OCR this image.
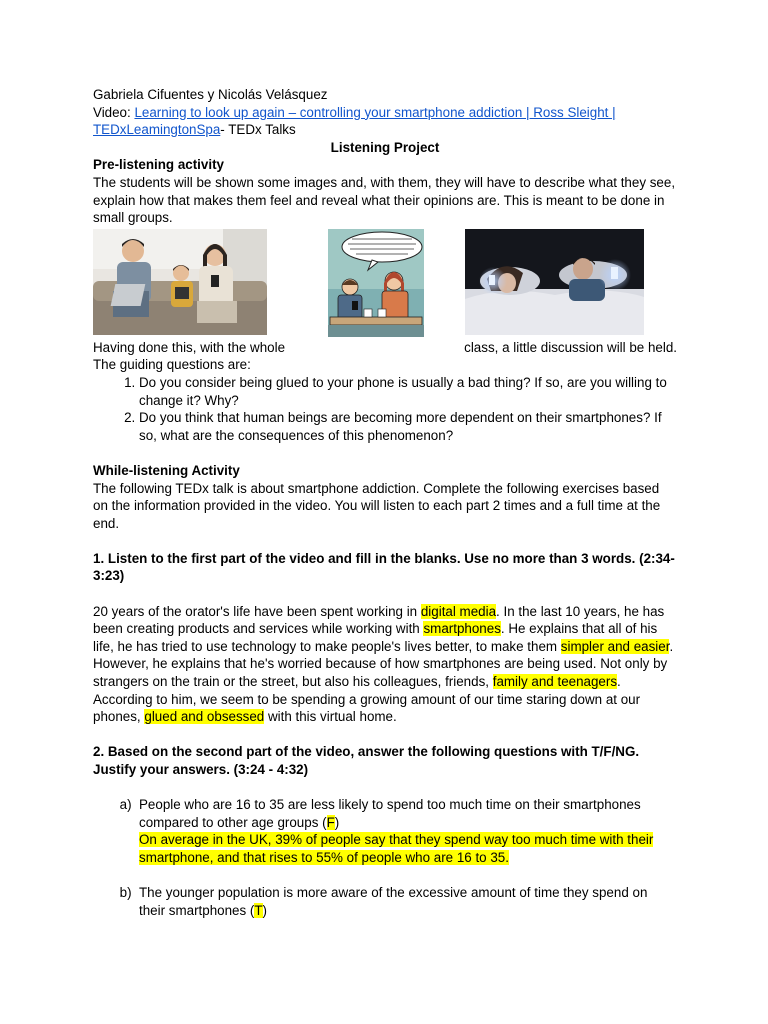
Gabriela Cifuentes y Nicolás Velásquez

Video: Learning to look up again – controlling your smartphone addiction | Ross Sleight |
TEDxLeamingtonSpa- TEDx Talks

Listening Project

Pre-listening activity

The students will be shown some images and, with them, they will have to describe what they see, explain how that makes them feel and reveal what their opinions are. This is meant to be done in small groups.

Having done this, with the whole	class, a little discussion will be held.

The guiding questions are:

1. Do you consider being glued to your phone is usually a bad thing? If so, are you willing to change it? Why?
2. Do you think that human beings are becoming more dependent on their smartphones? If so, what are the consequences of this phenomenon?

While-listening Activity

The following TEDx talk is about smartphone addiction. Complete the following exercises based on the information provided in the video. You will listen to each part 2 times and a full time at the end.

1. Listen to the first part of the video and fill in the blanks. Use no more than 3 words. (2:34-3:23)

20 years of the orator's life have been spent working in digital media. In the last 10 years, he has been creating products and services while working with smartphones. He explains that all of his life, he has tried to use technology to make people's lives better, to make them simpler and easier. However, he explains that he's worried because of how smartphones are being used. Not only by strangers on the train or the street, but also his colleagues, friends, family and teenagers. According to him, we seem to be spending a growing amount of our time staring down at our phones, glued and obsessed with this virtual home.

2. Based on the second part of the video, answer the following questions with T/F/NG. Justify your answers. (3:24 - 4:32)

a. People who are 16 to 35 are less likely to spend too much time on their smartphones compared to other age groups (F)
On average in the UK, 39% of people say that they spend way too much time with their smartphone, and that rises to 55% of people who are 16 to 35.
b. The younger population is more aware of the excessive amount of time they spend on their smartphones (T)
